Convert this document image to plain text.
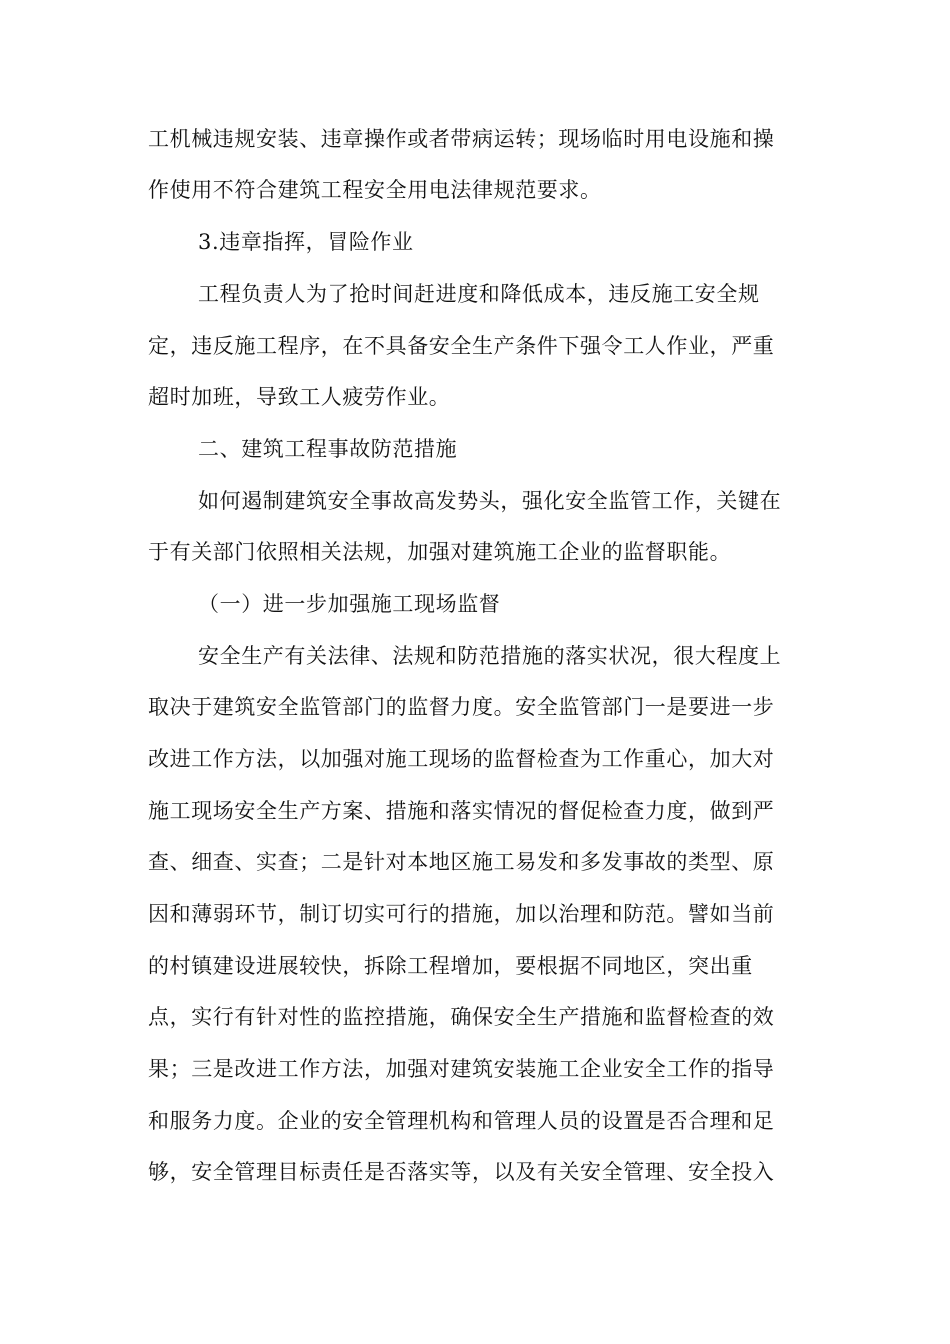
工机械违规安装、违章操作或者带病运转；现场临时用电设施和操
作使用不符合建筑工程安全用电法律规范要求。
3.违章指挥，冒险作业
工程负责人为了抢时间赶进度和降低成本，违反施工安全规
定，违反施工程序，在不具备安全生产条件下强令工人作业，严重
超时加班，导致工人疲劳作业。
二、建筑工程事故防范措施
如何遏制建筑安全事故高发势头，强化安全监管工作，关键在
于有关部门依照相关法规，加强对建筑施工企业的监督职能。
（一）进一步加强施工现场监督
安全生产有关法律、法规和防范措施的落实状况，很大程度上
取决于建筑安全监管部门的监督力度。安全监管部门一是要进一步
改进工作方法，以加强对施工现场的监督检查为工作重心，加大对
施工现场安全生产方案、措施和落实情况的督促检查力度，做到严
查、细查、实查；二是针对本地区施工易发和多发事故的类型、原
因和薄弱环节，制订切实可行的措施，加以治理和防范。譬如当前
的村镇建设进展较快，拆除工程增加，要根据不同地区，突出重
点，实行有针对性的监控措施，确保安全生产措施和监督检查的效
果；三是改进工作方法，加强对建筑安装施工企业安全工作的指导
和服务力度。企业的安全管理机构和管理人员的设置是否合理和足
够，安全管理目标责任是否落实等，以及有关安全管理、安全投入
